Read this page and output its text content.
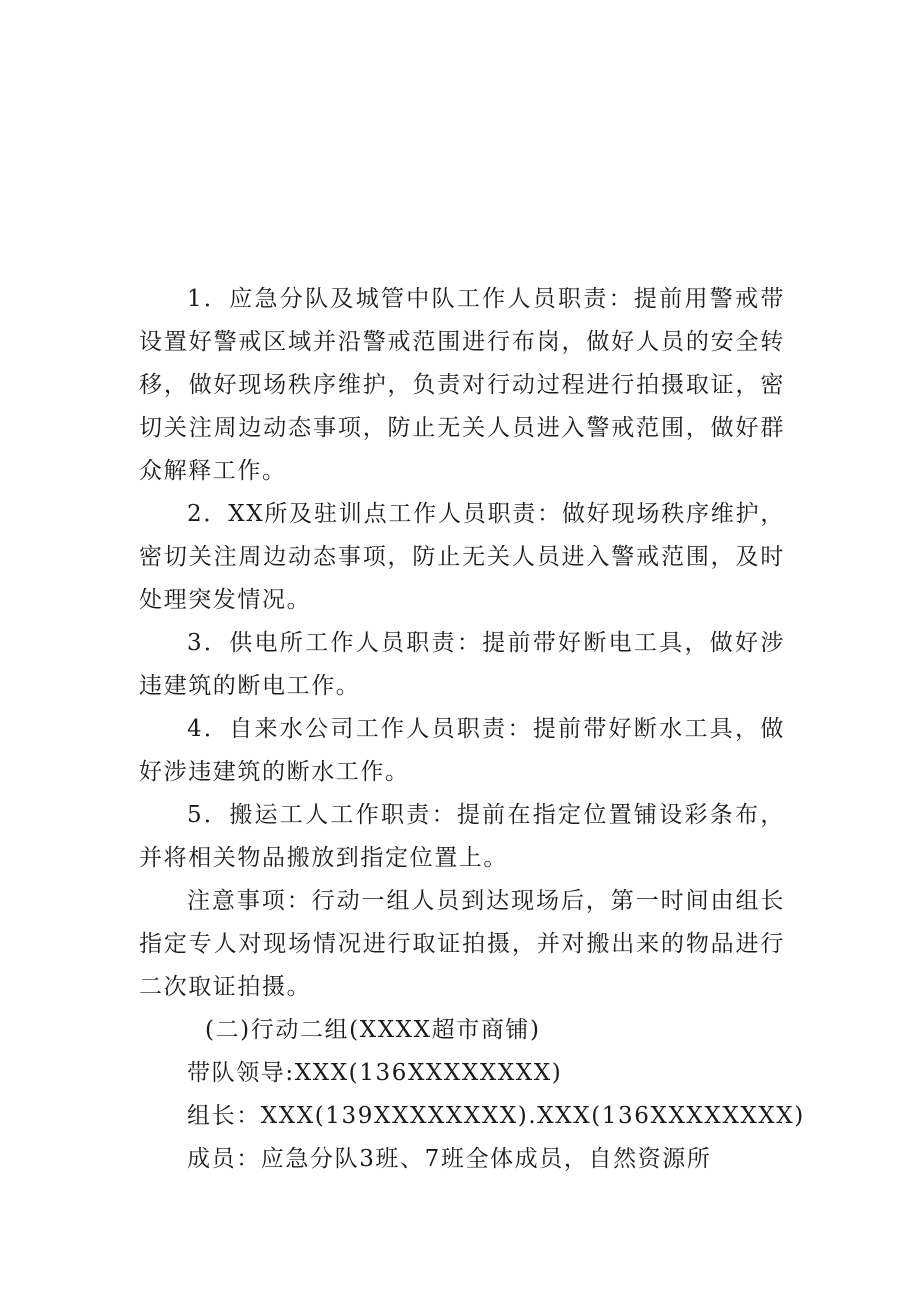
1．应急分队及城管中队工作人员职责：提前用警戒带设置好警戒区域并沿警戒范围进行布岗，做好人员的安全转移，做好现场秩序维护，负责对行动过程进行拍摄取证，密切关注周边动态事项，防止无关人员进入警戒范围，做好群众解释工作。

2．XX所及驻训点工作人员职责：做好现场秩序维护，密切关注周边动态事项，防止无关人员进入警戒范围，及时处理突发情况。

3．供电所工作人员职责：提前带好断电工具，做好涉违建筑的断电工作。

4．自来水公司工作人员职责：提前带好断水工具，做好涉违建筑的断水工作。

5．搬运工人工作职责：提前在指定位置铺设彩条布，并将相关物品搬放到指定位置上。

注意事项：行动一组人员到达现场后，第一时间由组长指定专人对现场情况进行取证拍摄，并对搬出来的物品进行二次取证拍摄。

(二)行动二组(XXXX超市商铺)

带队领导:XXX(136XXXXXXXX)

组长：XXX(139XXXXXXXX).XXX(136XXXXXXXX)

成员：应急分队3班、7班全体成员，自然资源所
